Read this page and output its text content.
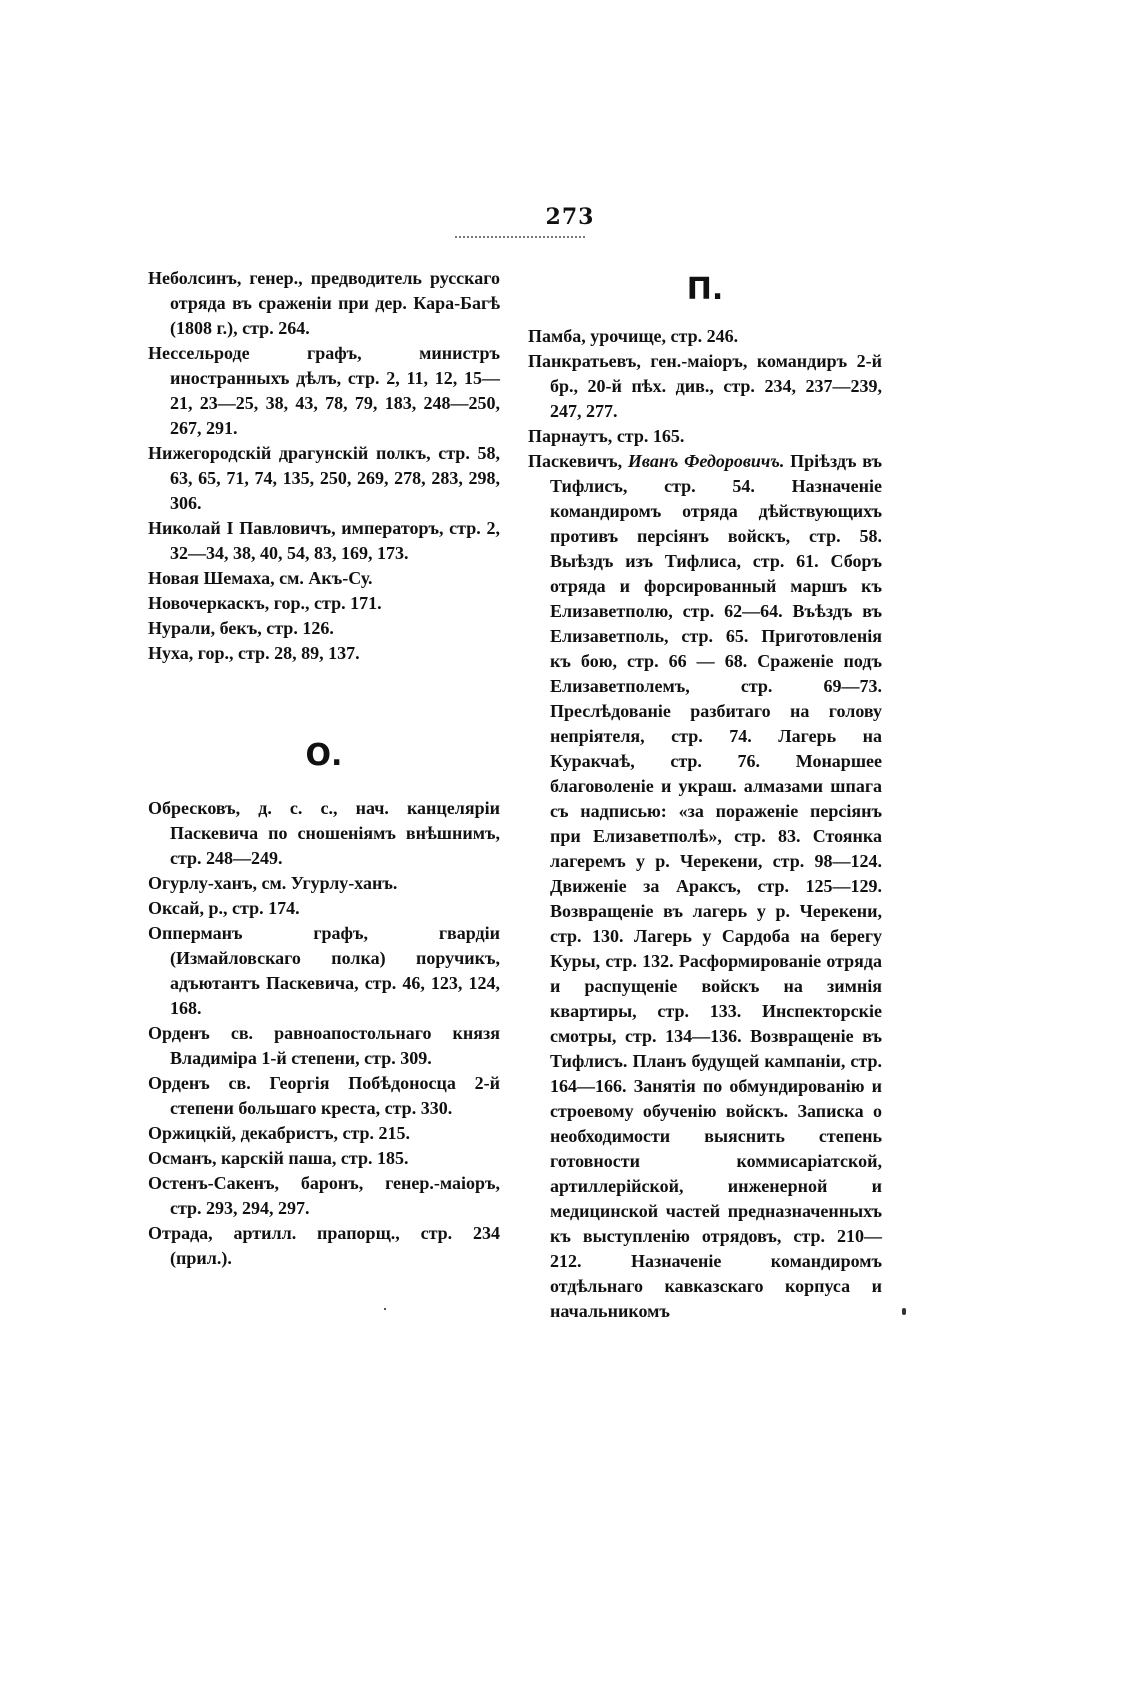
273

Неболсинъ, генер., предводитель русскаго отряда въ сраженіи при дер. Кара-Багѣ (1808 г.), стр. 264.

Нессельроде графъ, министръ иностранныхъ дѣлъ, стр. 2, 11, 12, 15—21, 23—25, 38, 43, 78, 79, 183, 248—250, 267, 291.

Нижегородскій драгунскій полкъ, стр. 58, 63, 65, 71, 74, 135, 250, 269, 278, 283, 298, 306.

Николай I Павловичъ, императоръ, стр. 2, 32—34, 38, 40, 54, 83, 169, 173.

Новая Шемаха, см. Акъ-Су.

Новочеркаскъ, гор., стр. 171.

Нурали, бекъ, стр. 126.

Нуха, гор., стр. 28, 89, 137.

О.

Обресковъ, д. с. с., нач. канцеляріи Паскевича по сношеніямъ внѣшнимъ, стр. 248—249.

Огурлу-ханъ, см. Угурлу-ханъ.

Оксай, р., стр. 174.

Опперманъ графъ, гвардіи (Измайловскаго полка) поручикъ, адъютантъ Паскевича, стр. 46, 123, 124, 168.

Орденъ св. равноапостольнаго князя Владиміра 1-й степени, стр. 309.

Орденъ св. Георгія Побѣдоносца 2-й степени большаго креста, стр. 330.

Оржицкій, декабристъ, стр. 215.

Османъ, карскій паша, стр. 185.

Остенъ-Сакенъ, баронъ, генер.-маіоръ, стр. 293, 294, 297.

Отрада, артилл. прапорщ., стр. 234 (прил.).

П.

Памба, урочище, стр. 246.

Панкратьевъ, ген.-маіоръ, командиръ 2-й бр., 20-й пѣх. див., стр. 234, 237—239, 247, 277.

Парнаутъ, стр. 165.

Паскевичъ, Иванъ Федоровичъ. Пріѣздъ въ Тифлисъ, стр. 54. Назначеніе командиромъ отряда дѣйствующихъ противъ персіянъ войскъ, стр. 58. Выѣздъ изъ Тифлиса, стр. 61. Сборъ отряда и форсированный маршъ къ Елизаветполю, стр. 62—64. Въѣздъ въ Елизаветполь, стр. 65. Приготовленія къ бою, стр. 66 — 68. Сраженіе подъ Елизаветполемъ, стр. 69—73. Преслѣдованіе разбитаго на голову непріятеля, стр. 74. Лагерь на Куракчаѣ, стр. 76. Монаршее благоволеніе и украш. алмазами шпага съ надписью: «за пораженіе персіянъ при Елизаветполѣ», стр. 83. Стоянка лагеремъ у р. Черекени, стр. 98—124. Движеніе за Араксъ, стр. 125—129. Возвращеніе въ лагерь у р. Черекени, стр. 130. Лагерь у Сардоба на берегу Куры, стр. 132. Расформированіе отряда и распущеніе войскъ на зимнія квартиры, стр. 133. Инспекторскіе смотры, стр. 134—136. Возвращеніе въ Тифлисъ. Планъ будущей кампаніи, стр. 164—166. Занятія по обмундированію и строевому обученію войскъ. Записка о необходимости выяснить степень готовности коммисаріатской, артиллерійской, инженерной и медицинской частей предназначенныхъ къ выступленію отрядовъ, стр. 210—212. Назначеніе командиромъ отдѣльнаго кавказскаго корпуса и начальникомъ
